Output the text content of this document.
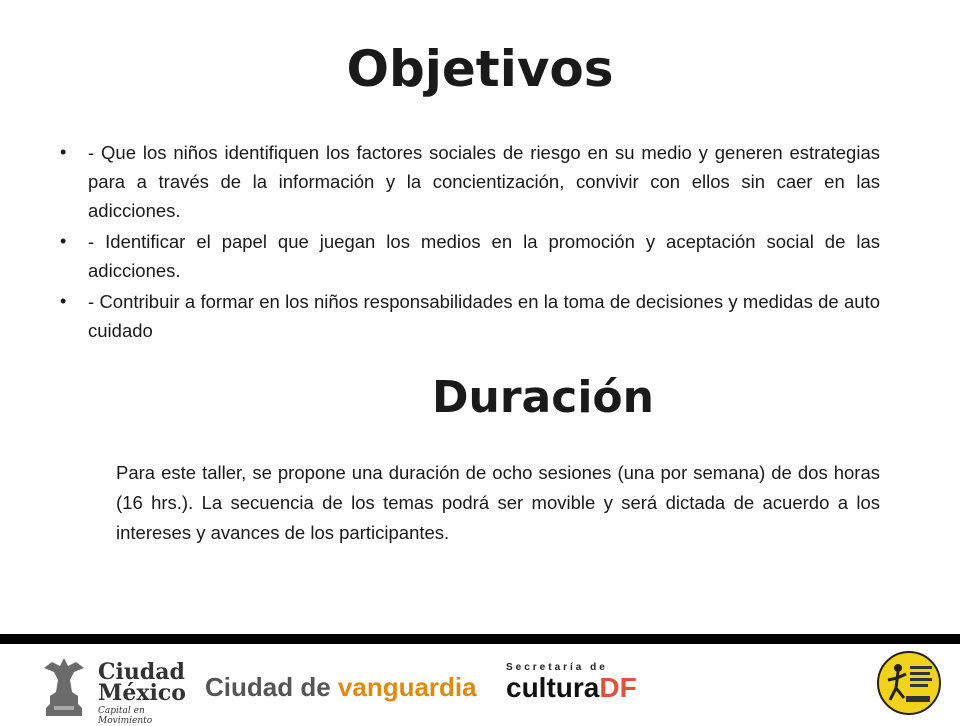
Objetivos
• - Que los niños identifiquen los factores sociales de riesgo en su medio y generen estrategias para a través de la información y la concientización, convivir con ellos sin caer en las adicciones.
• - Identificar el papel que juegan los medios en la promoción y aceptación social de las adicciones.
• - Contribuir a formar en los niños responsabilidades en la toma de decisiones y medidas de auto cuidado
Duración
Para este taller, se propone una duración de ocho sesiones (una por semana) de dos horas (16 hrs.). La secuencia de los temas podrá ser movible y será dictada de acuerdo a los intereses y avances de los participantes.
Ciudad
México
Capital en Movimiento
Ciudad de vanguardia
Secretaría de
culturaDF
